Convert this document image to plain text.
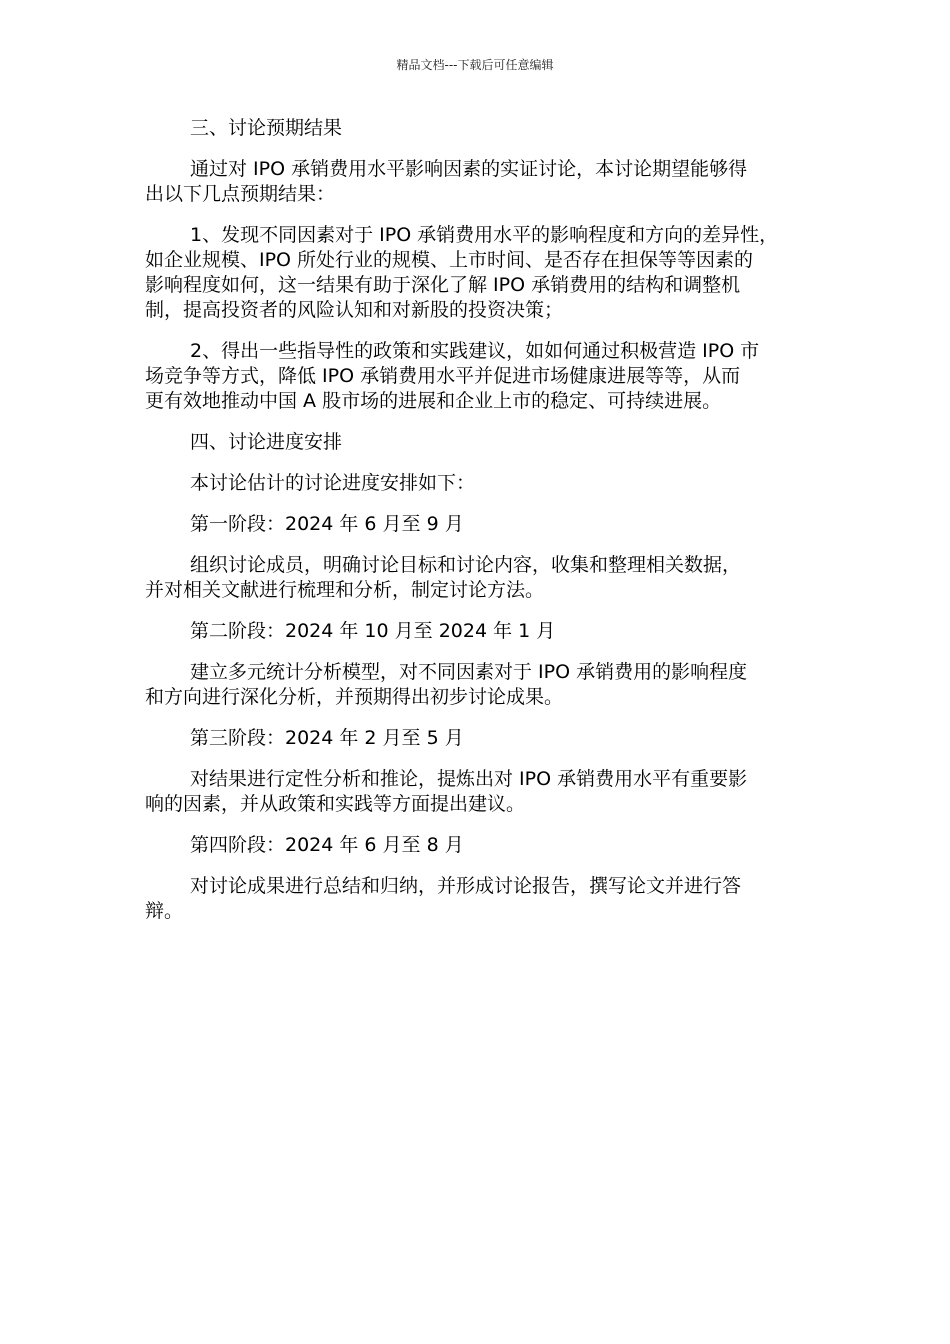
精品文档---下载后可任意编辑
三、讨论预期结果
通过对 IPO 承销费用水平影响因素的实证讨论，本讨论期望能够得
出以下几点预期结果：
1、发现不同因素对于 IPO 承销费用水平的影响程度和方向的差异性，
如企业规模、IPO 所处行业的规模、上市时间、是否存在担保等等因素的
影响程度如何，这一结果有助于深化了解 IPO 承销费用的结构和调整机
制，提高投资者的风险认知和对新股的投资决策；
2、得出一些指导性的政策和实践建议，如如何通过积极营造 IPO 市
场竞争等方式，降低 IPO 承销费用水平并促进市场健康进展等等，从而
更有效地推动中国 A 股市场的进展和企业上市的稳定、可持续进展。
四、讨论进度安排
本讨论估计的讨论进度安排如下：
第一阶段：2024 年 6 月至 9 月
组织讨论成员，明确讨论目标和讨论内容，收集和整理相关数据，
并对相关文献进行梳理和分析，制定讨论方法。
第二阶段：2024 年 10 月至 2024 年 1 月
建立多元统计分析模型，对不同因素对于 IPO 承销费用的影响程度
和方向进行深化分析，并预期得出初步讨论成果。
第三阶段：2024 年 2 月至 5 月
对结果进行定性分析和推论，提炼出对 IPO 承销费用水平有重要影
响的因素，并从政策和实践等方面提出建议。
第四阶段：2024 年 6 月至 8 月
对讨论成果进行总结和归纳，并形成讨论报告，撰写论文并进行答
辩。
